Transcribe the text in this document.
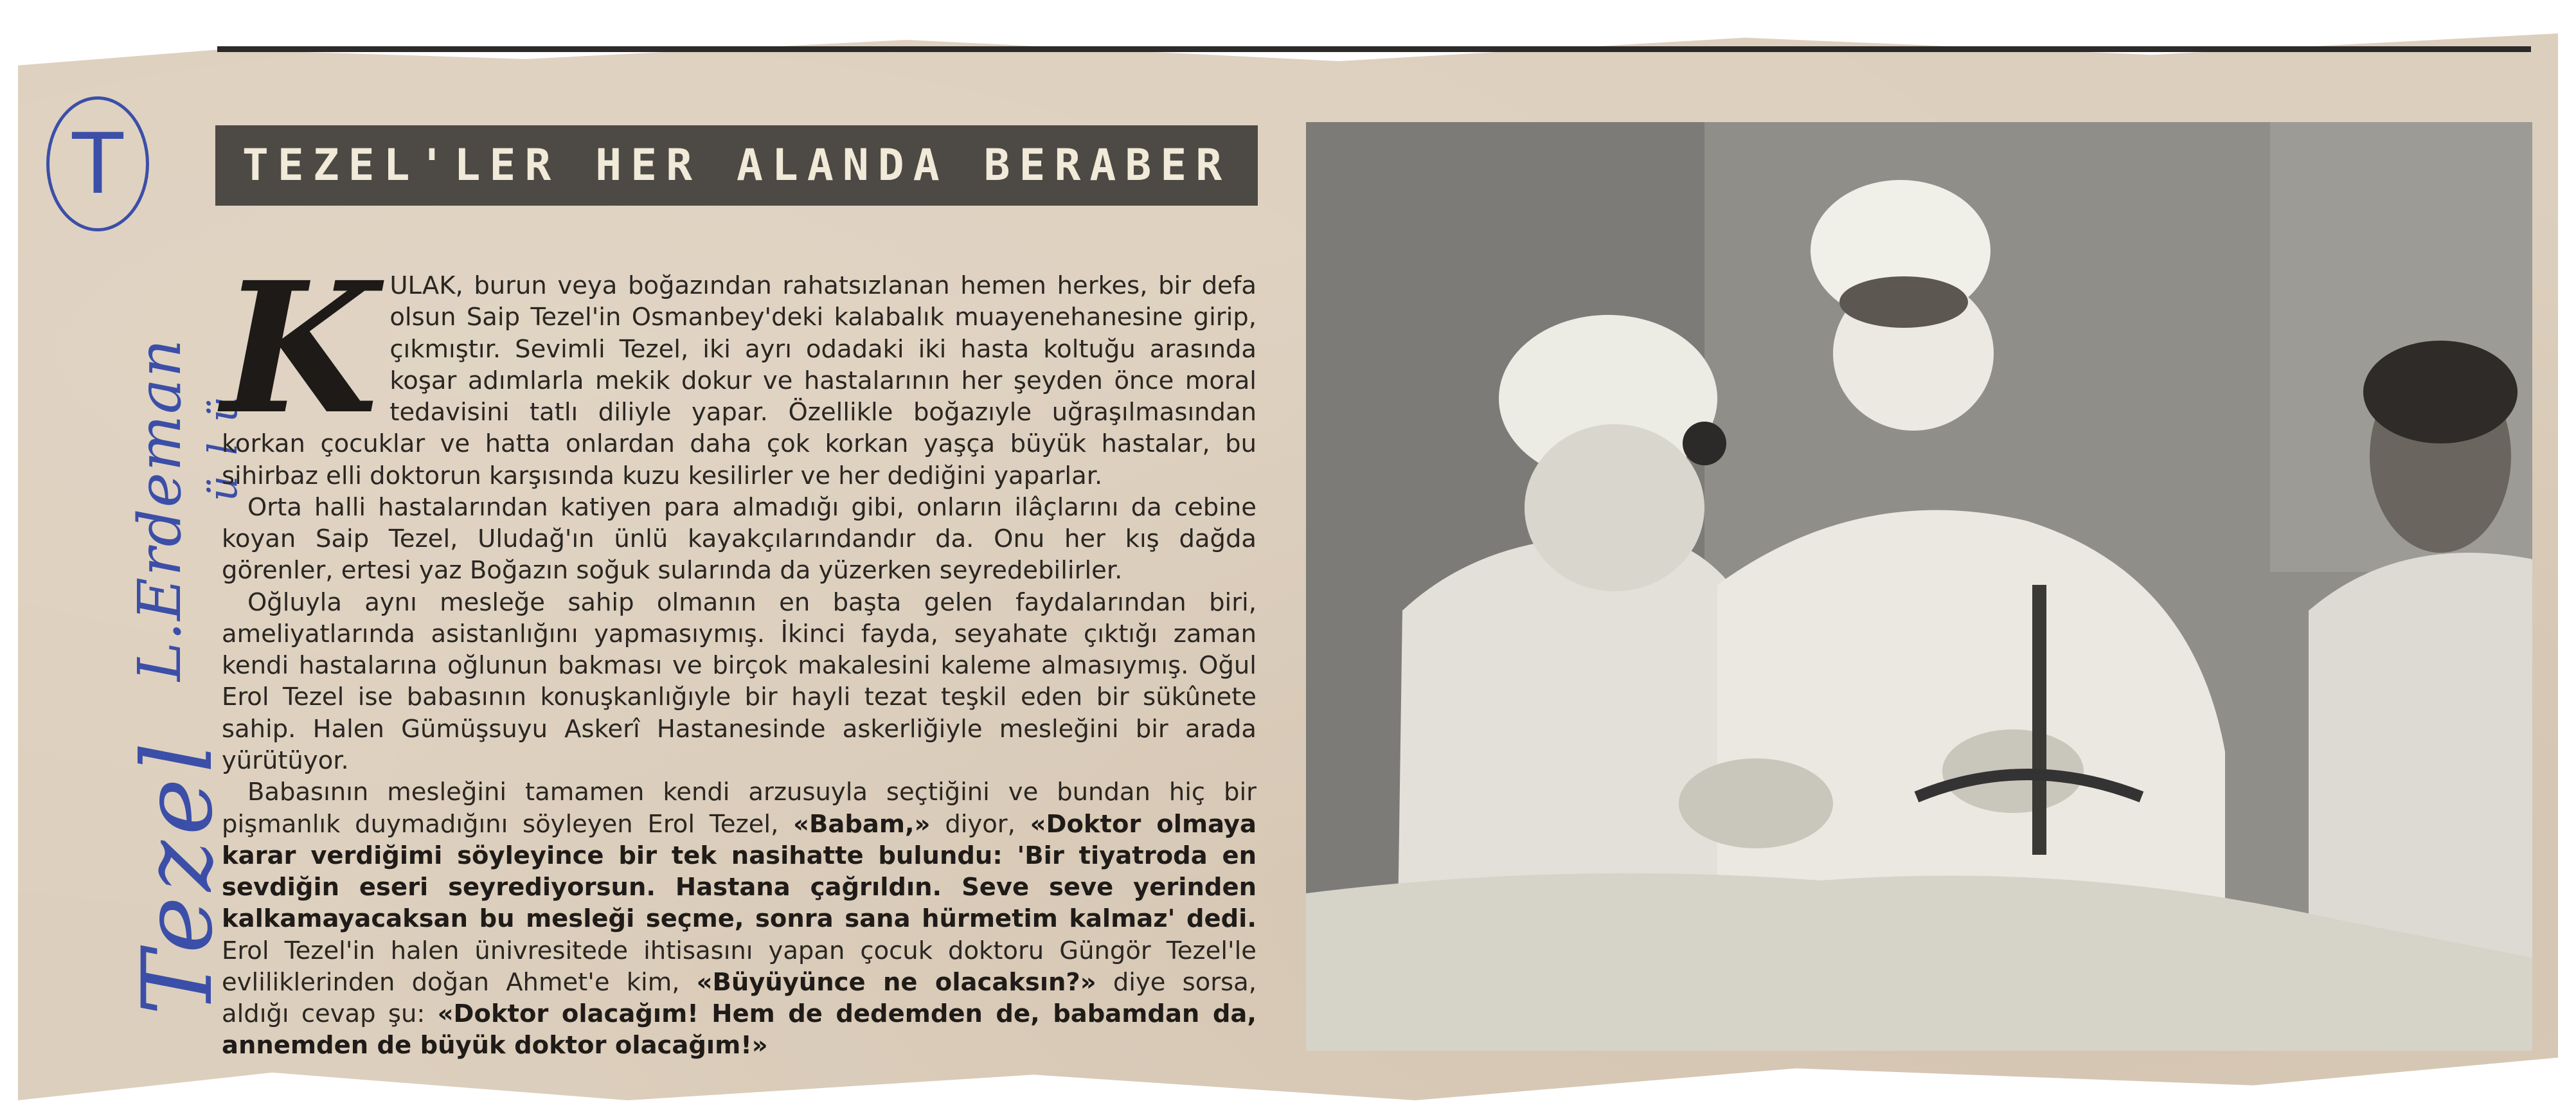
T
L.Erdeman ü l ü
Tezel
TEZEL'LER HER ALANDA BERABER
K ULAK, burun veya boğazından rahatsızlanan hemen herkes, bir defa olsun Saip Tezel'in Osmanbey'deki kalabalık muayenehanesine girip, çıkmıştır. Sevimli Tezel, iki ayrı odadaki iki hasta koltuğu arasında koşar adımlarla mekik dokur ve hastalarının her şeyden önce moral tedavisini tatlı diliyle yapar. Özellikle boğazıyle uğraşılmasından korkan çocuklar ve hatta onlardan daha çok korkan yaşça büyük hastalar, bu sihirbaz elli doktorun karşısında kuzu kesilirler ve her dediğini yaparlar.

Orta halli hastalarından katiyen para almadığı gibi, onların ilâçlarını da cebine koyan Saip Tezel, Uludağ'ın ünlü kayakçılarındandır da. Onu her kış dağda görenler, ertesi yaz Boğazın soğuk sularında da yüzerken seyredebilirler.

Oğluyla aynı mesleğe sahip olmanın en başta gelen faydalarından biri, ameliyatlarında asistanlığını yapmasıymış. İkinci fayda, seyahate çıktığı zaman kendi hastalarına oğlunun bakması ve birçok makalesini kaleme almasıymış. Oğul Erol Tezel ise babasının konuşkanlığıyle bir hayli tezat teşkil eden bir sükûnete sahip. Halen Gümüşsuyu Askerî Hastanesinde askerliğiyle mesleğini bir arada yürütüyor.

Babasının mesleğini tamamen kendi arzusuyla seçtiğini ve bundan hiç bir pişmanlık duymadığını söyleyen Erol Tezel, «Babam,» diyor, «Doktor olmaya karar verdiğimi söyleyince bir tek nasihatte bulundu: 'Bir tiyatroda en sevdiğin eseri seyrediyorsun. Hastana çağrıldın. Seve seve yerinden kalkamayacaksan bu mesleği seçme, sonra sana hürmetim kalmaz' dedi. Erol Tezel'in halen ünivresitede ihtisasını yapan çocuk doktoru Güngör Tezel'le evliliklerinden doğan Ahmet'e kim, «Büyüyünce ne olacaksın?» diye sorsa, aldığı cevap şu: «Doktor olacağım! Hem de dedemden de, babamdan da, annemden de büyük doktor olacağım!»
